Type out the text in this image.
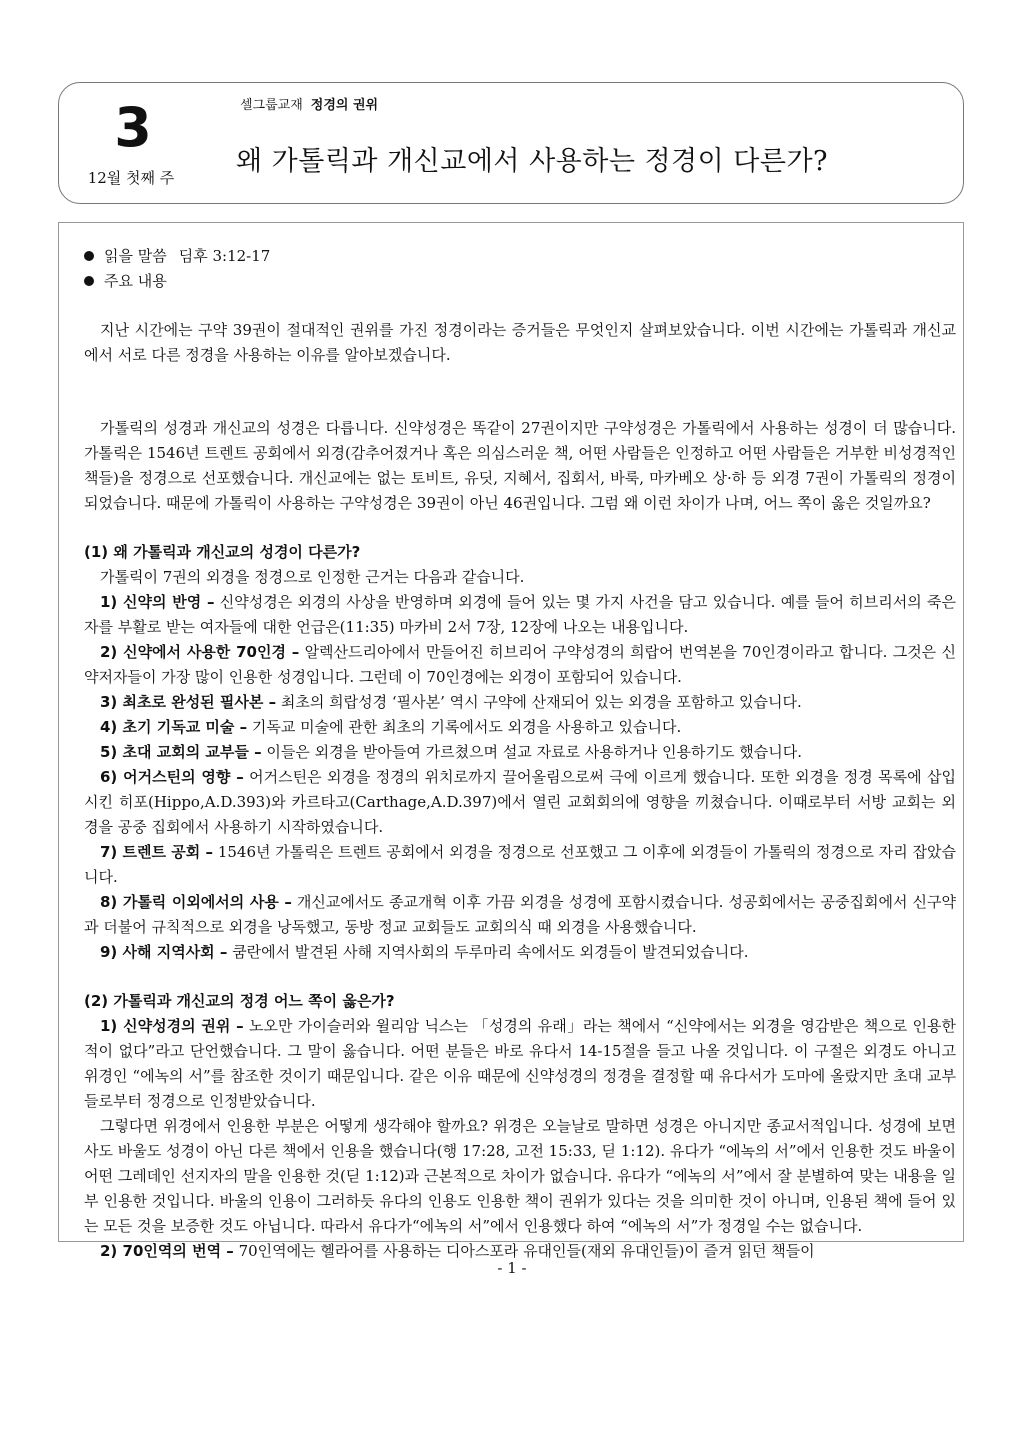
3
12월 첫째 주
셀그룹교재 정경의 권위
왜 가톨릭과 개신교에서 사용하는 정경이 다른가?

읽을 말씀 딤후 3:12-17

주요 내용

지난 시간에는 구약 39권이 절대적인 권위를 가진 정경이라는 증거들은 무엇인지 살펴보았습니다. 이번 시간에는 가톨릭과 개신교에서 서로 다른 정경을 사용하는 이유를 알아보겠습니다.

가톨릭의 성경과 개신교의 성경은 다릅니다. 신약성경은 똑같이 27권이지만 구약성경은 가톨릭에서 사용하는 성경이 더 많습니다. 가톨릭은 1546년 트렌트 공회에서 외경(감추어졌거나 혹은 의심스러운 책, 어떤 사람들은 인정하고 어떤 사람들은 거부한 비성경적인 책들)을 정경으로 선포했습니다. 개신교에는 없는 토비트, 유딧, 지혜서, 집회서, 바룩, 마카베오 상·하 등 외경 7권이 가톨릭의 정경이 되었습니다. 때문에 가톨릭이 사용하는 구약성경은 39권이 아닌 46권입니다. 그럼 왜 이런 차이가 나며, 어느 쪽이 옳은 것일까요?

(1) 왜 가톨릭과 개신교의 성경이 다른가?

가톨릭이 7권의 외경을 정경으로 인정한 근거는 다음과 같습니다.

1) 신약의 반영 – 신약성경은 외경의 사상을 반영하며 외경에 들어 있는 몇 가지 사건을 담고 있습니다. 예를 들어 히브리서의 죽은 자를 부활로 받는 여자들에 대한 언급은(11:35) 마카비 2서 7장, 12장에 나오는 내용입니다.

2) 신약에서 사용한 70인경 – 알렉산드리아에서 만들어진 히브리어 구약성경의 희랍어 번역본을 70인경이라고 합니다. 그것은 신약저자들이 가장 많이 인용한 성경입니다. 그런데 이 70인경에는 외경이 포함되어 있습니다.

3) 최초로 완성된 필사본 – 최초의 희랍성경 ‘필사본’ 역시 구약에 산재되어 있는 외경을 포함하고 있습니다.

4) 초기 기독교 미술 – 기독교 미술에 관한 최초의 기록에서도 외경을 사용하고 있습니다.

5) 초대 교회의 교부들 – 이들은 외경을 받아들여 가르쳤으며 설교 자료로 사용하거나 인용하기도 했습니다.

6) 어거스틴의 영향 – 어거스틴은 외경을 정경의 위치로까지 끌어올림으로써 극에 이르게 했습니다. 또한 외경을 정경 목록에 삽입시킨 히포(Hippo,A.D.393)와 카르타고(Carthage,A.D.397)에서 열린 교회회의에 영향을 끼쳤습니다. 이때로부터 서방 교회는 외경을 공중 집회에서 사용하기 시작하였습니다.

7) 트렌트 공회 – 1546년 가톨릭은 트렌트 공회에서 외경을 정경으로 선포했고 그 이후에 외경들이 가톨릭의 정경으로 자리 잡았습니다.

8) 가톨릭 이외에서의 사용 – 개신교에서도 종교개혁 이후 가끔 외경을 성경에 포함시켰습니다. 성공회에서는 공중집회에서 신구약과 더불어 규칙적으로 외경을 낭독했고, 동방 정교 교회들도 교회의식 때 외경을 사용했습니다.

9) 사해 지역사회 – 쿰란에서 발견된 사해 지역사회의 두루마리 속에서도 외경들이 발견되었습니다.

(2) 가톨릭과 개신교의 정경 어느 쪽이 옳은가?

1) 신약성경의 권위 – 노오만 가이슬러와 윌리암 닉스는 「성경의 유래」라는 책에서 “신약에서는 외경을 영감받은 책으로 인용한 적이 없다”라고 단언했습니다. 그 말이 옳습니다. 어떤 분들은 바로 유다서 14-15절을 들고 나올 것입니다. 이 구절은 외경도 아니고 위경인 “에녹의 서”를 참조한 것이기 때문입니다. 같은 이유 때문에 신약성경의 정경을 결정할 때 유다서가 도마에 올랐지만 초대 교부들로부터 정경으로 인정받았습니다.

그렇다면 위경에서 인용한 부분은 어떻게 생각해야 할까요? 위경은 오늘날로 말하면 성경은 아니지만 종교서적입니다. 성경에 보면 사도 바울도 성경이 아닌 다른 책에서 인용을 했습니다(행 17:28, 고전 15:33, 딛 1:12). 유다가 “에녹의 서”에서 인용한 것도 바울이 어떤 그레데인 선지자의 말을 인용한 것(딛 1:12)과 근본적으로 차이가 없습니다. 유다가 “에녹의 서”에서 잘 분별하여 맞는 내용을 일부 인용한 것입니다. 바울의 인용이 그러하듯 유다의 인용도 인용한 책이 권위가 있다는 것을 의미한 것이 아니며, 인용된 책에 들어 있는 모든 것을 보증한 것도 아닙니다. 따라서 유다가“에녹의 서”에서 인용했다 하여 “에녹의 서”가 정경일 수는 없습니다.

2) 70인역의 번역 – 70인역에는 헬라어를 사용하는 디아스포라 유대인들(재외 유대인들)이 즐겨 읽던 책들이

- 1 -
